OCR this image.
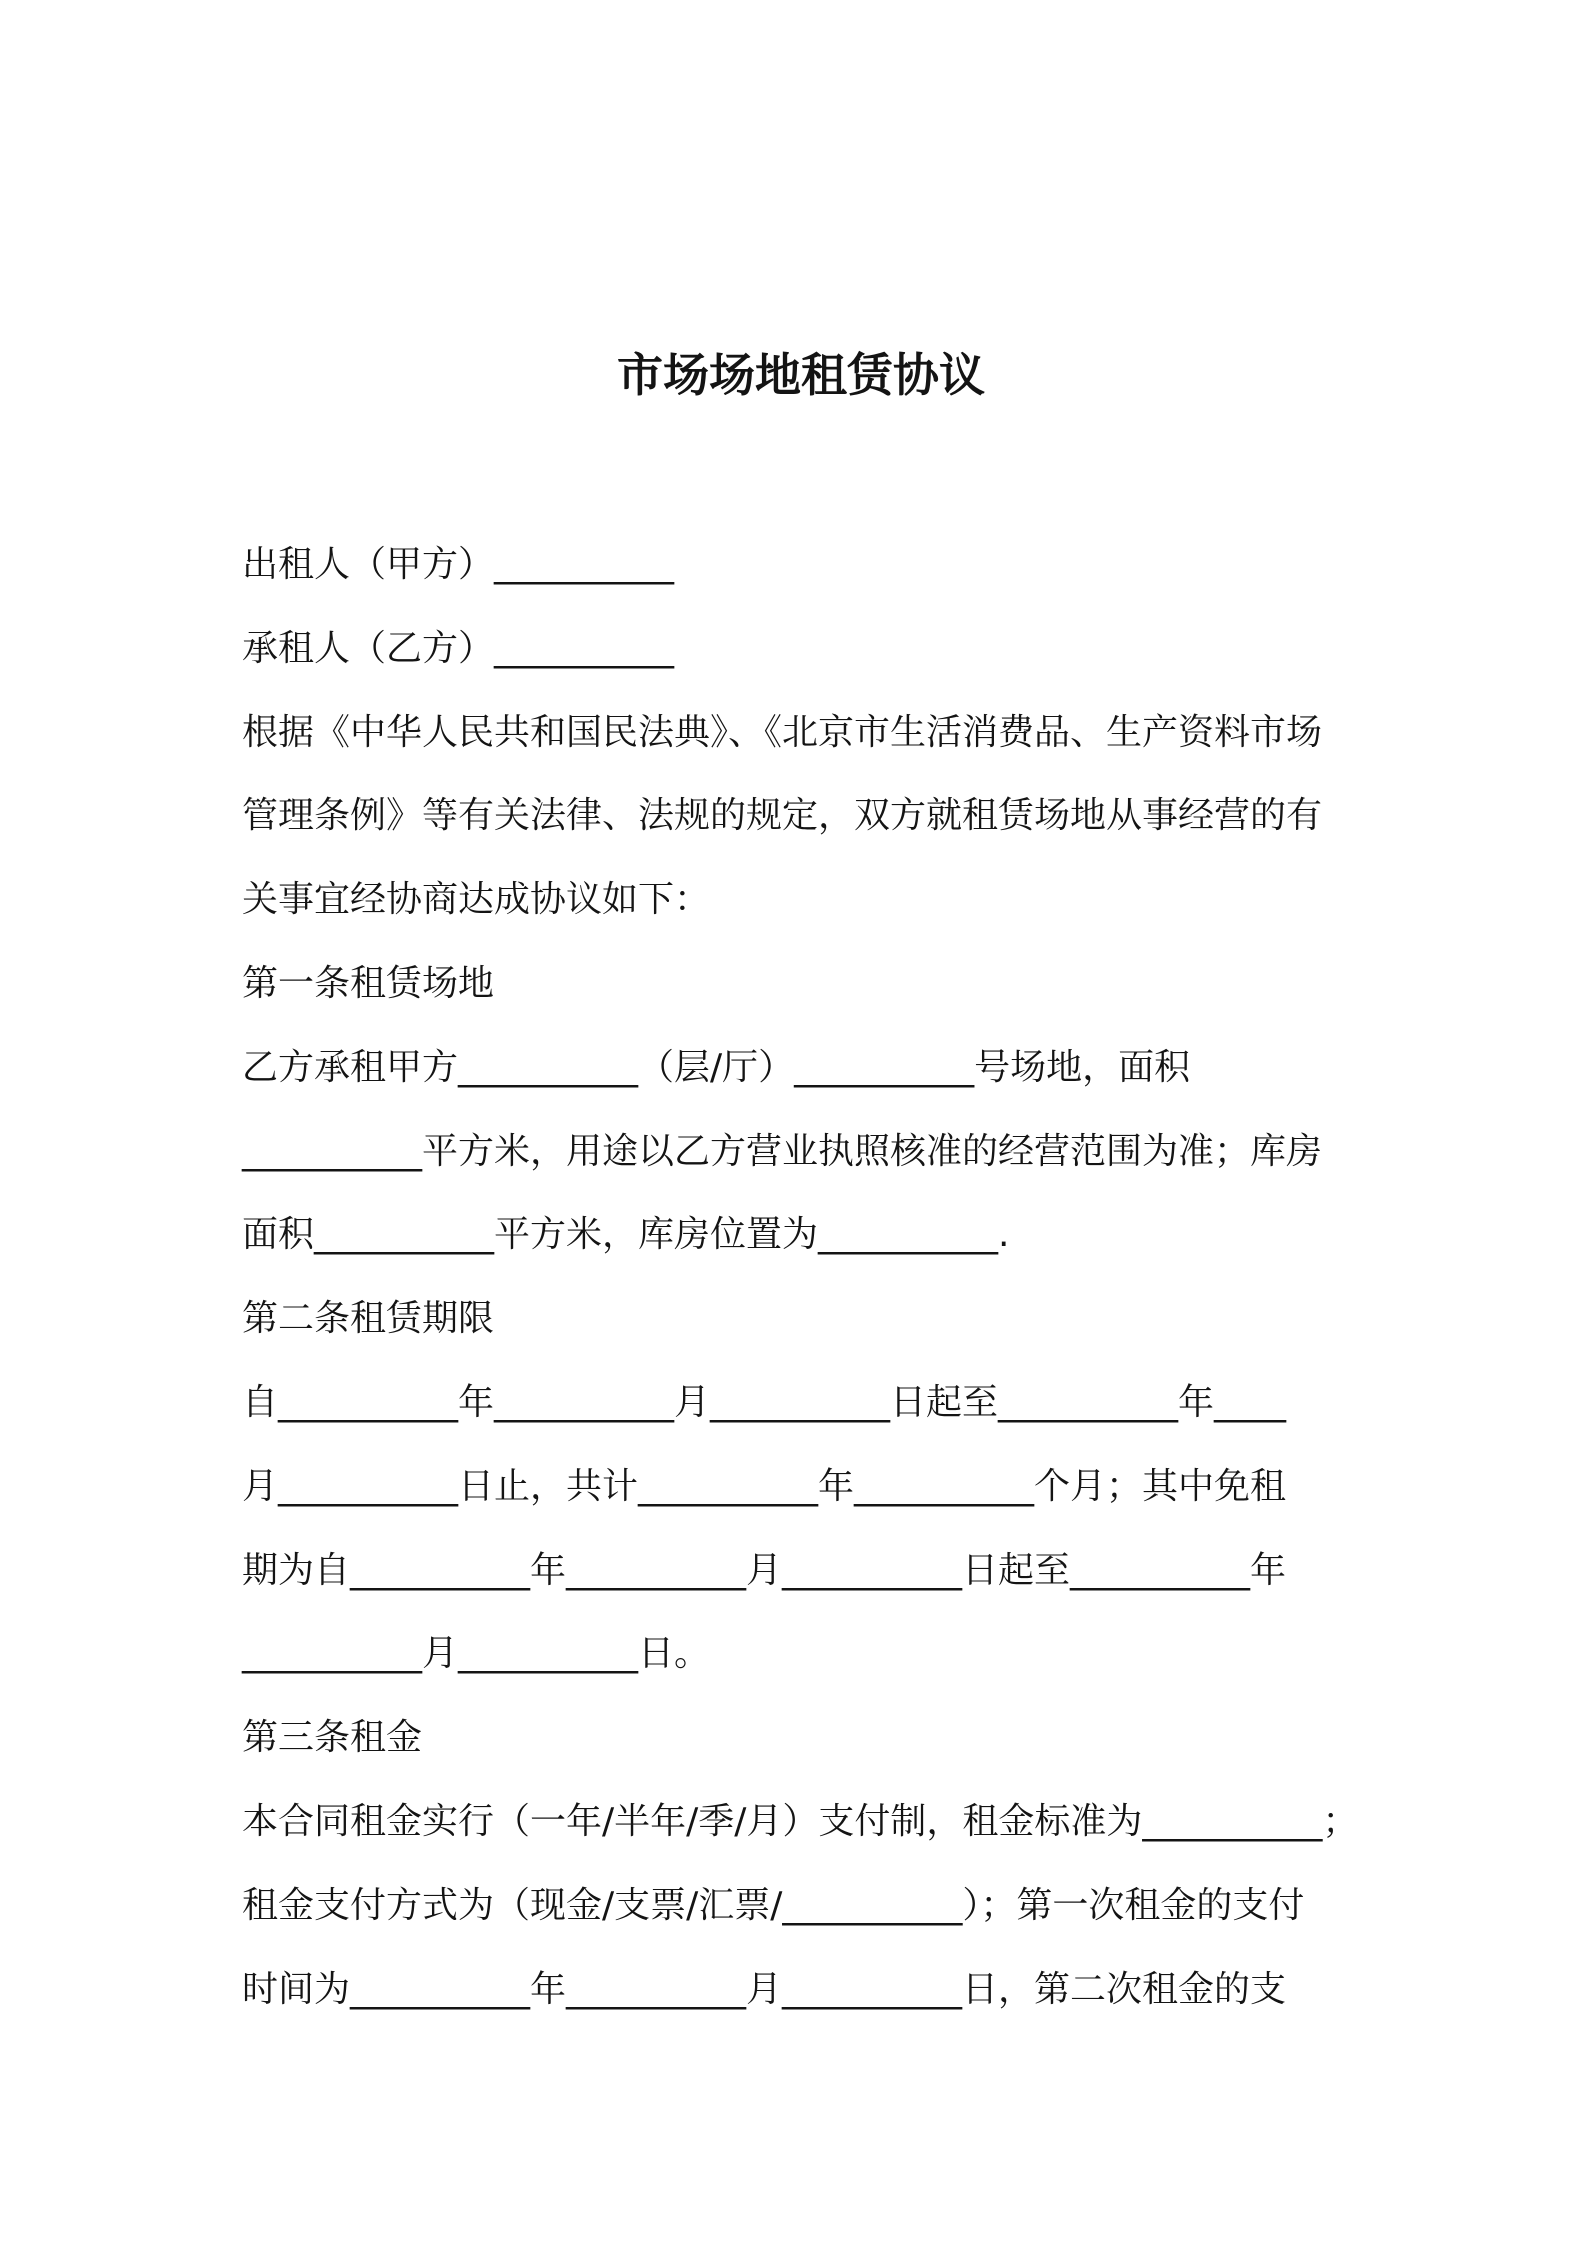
市场场地租赁协议
出租人（甲方）__________
承租人（乙方）__________
根据《中华人民共和国民法典》、《北京市生活消费品、生产资料市场
管理条例》等有关法律、法规的规定，双方就租赁场地从事经营的有
关事宜经协商达成协议如下：
第一条租赁场地
乙方承租甲方__________（层/厅）__________号场地，面积
__________平方米，用途以乙方营业执照核准的经营范围为准；库房
面积__________平方米，库房位置为__________.
第二条租赁期限
自__________年__________月__________日起至__________年____
月__________日止，共计__________年__________个月；其中免租
期为自__________年__________月__________日起至__________年
__________月__________日。
第三条租金
本合同租金实行（一年/半年/季/月）支付制，租金标准为__________；
租金支付方式为（现金/支票/汇票/__________）；第一次租金的支付
时间为__________年__________月__________日，第二次租金的支
